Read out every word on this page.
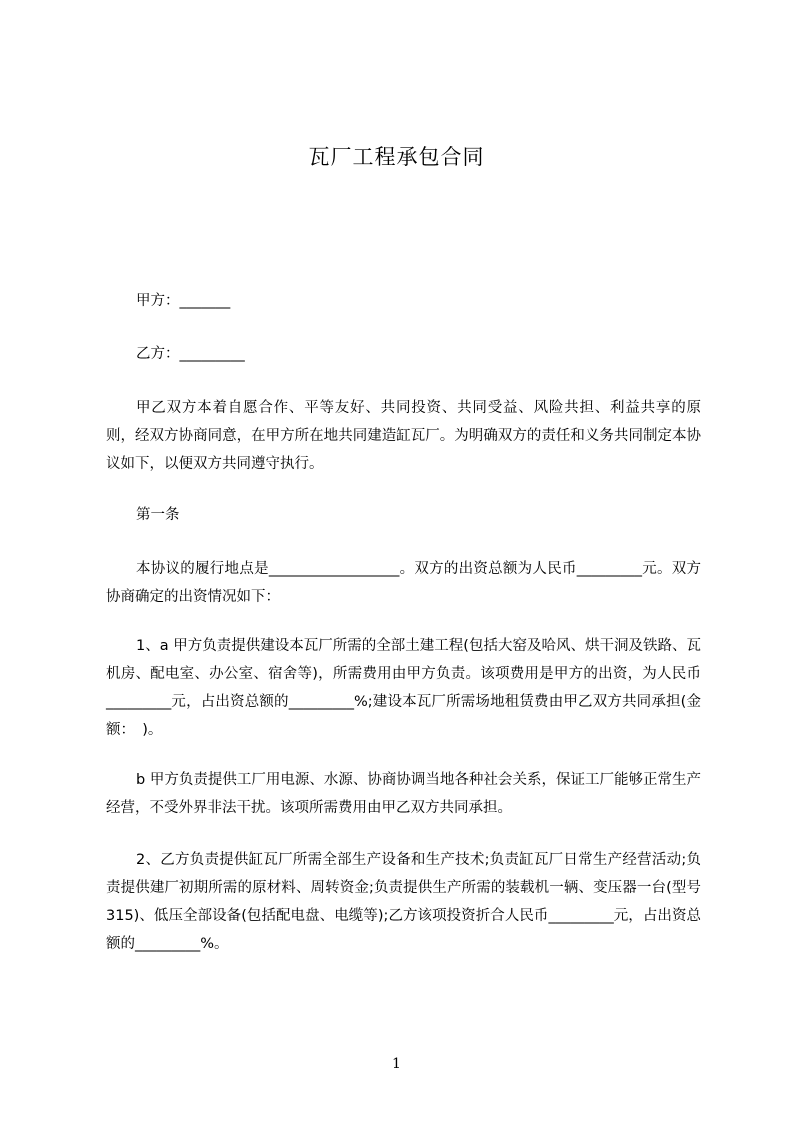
瓦厂工程承包合同
甲方：_______
乙方：_________
甲乙双方本着自愿合作、平等友好、共同投资、共同受益、风险共担、利益共享的原则，经双方协商同意，在甲方所在地共同建造缸瓦厂。为明确双方的责任和义务共同制定本协议如下，以便双方共同遵守执行。
第一条
本协议的履行地点是__________________。双方的出资总额为人民币_________元。双方协商确定的出资情况如下：
1、a 甲方负责提供建设本瓦厂所需的全部土建工程(包括大窑及哈风、烘干洞及铁路、瓦机房、配电室、办公室、宿舍等)，所需费用由甲方负责。该项费用是甲方的出资，为人民币_________元，占出资总额的_________%;建设本瓦厂所需场地租赁费由甲乙双方共同承担(金额：　)。
b 甲方负责提供工厂用电源、水源、协商协调当地各种社会关系，保证工厂能够正常生产经营，不受外界非法干扰。该项所需费用由甲乙双方共同承担。
2、乙方负责提供缸瓦厂所需全部生产设备和生产技术;负责缸瓦厂日常生产经营活动;负责提供建厂初期所需的原材料、周转资金;负责提供生产所需的装载机一辆、变压器一台(型号 315)、低压全部设备(包括配电盘、电缆等);乙方该项投资折合人民币_________元，占出资总额的_________%。
1
